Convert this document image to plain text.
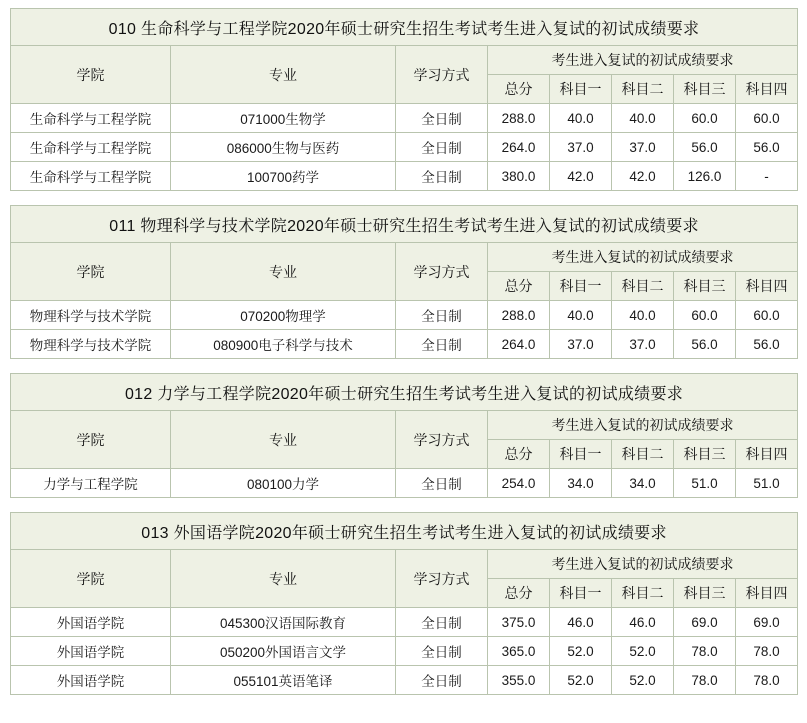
010 生命科学与工程学院2020年硕士研究生招生考试考生进入复试的初试成绩要求							
学院	专业	学习方式	考生进入复试的初试成绩要求				
			总分	科目一	科目二	科目三	科目四
生命科学与工程学院	071000生物学	全日制	288.0	40.0	40.0	60.0	60.0
生命科学与工程学院	086000生物与医药	全日制	264.0	37.0	37.0	56.0	56.0
生命科学与工程学院	100700药学	全日制	380.0	42.0	42.0	126.0	-
011 物理科学与技术学院2020年硕士研究生招生考试考生进入复试的初试成绩要求							
学院	专业	学习方式	考生进入复试的初试成绩要求				
			总分	科目一	科目二	科目三	科目四
物理科学与技术学院	070200物理学	全日制	288.0	40.0	40.0	60.0	60.0
物理科学与技术学院	080900电子科学与技术	全日制	264.0	37.0	37.0	56.0	56.0
012 力学与工程学院2020年硕士研究生招生考试考生进入复试的初试成绩要求							
学院	专业	学习方式	考生进入复试的初试成绩要求				
			总分	科目一	科目二	科目三	科目四
力学与工程学院	080100力学	全日制	254.0	34.0	34.0	51.0	51.0
013 外国语学院2020年硕士研究生招生考试考生进入复试的初试成绩要求							
学院	专业	学习方式	考生进入复试的初试成绩要求				
			总分	科目一	科目二	科目三	科目四
外国语学院	045300汉语国际教育	全日制	375.0	46.0	46.0	69.0	69.0
外国语学院	050200外国语言文学	全日制	365.0	52.0	52.0	78.0	78.0
外国语学院	055101英语笔译	全日制	355.0	52.0	52.0	78.0	78.0
